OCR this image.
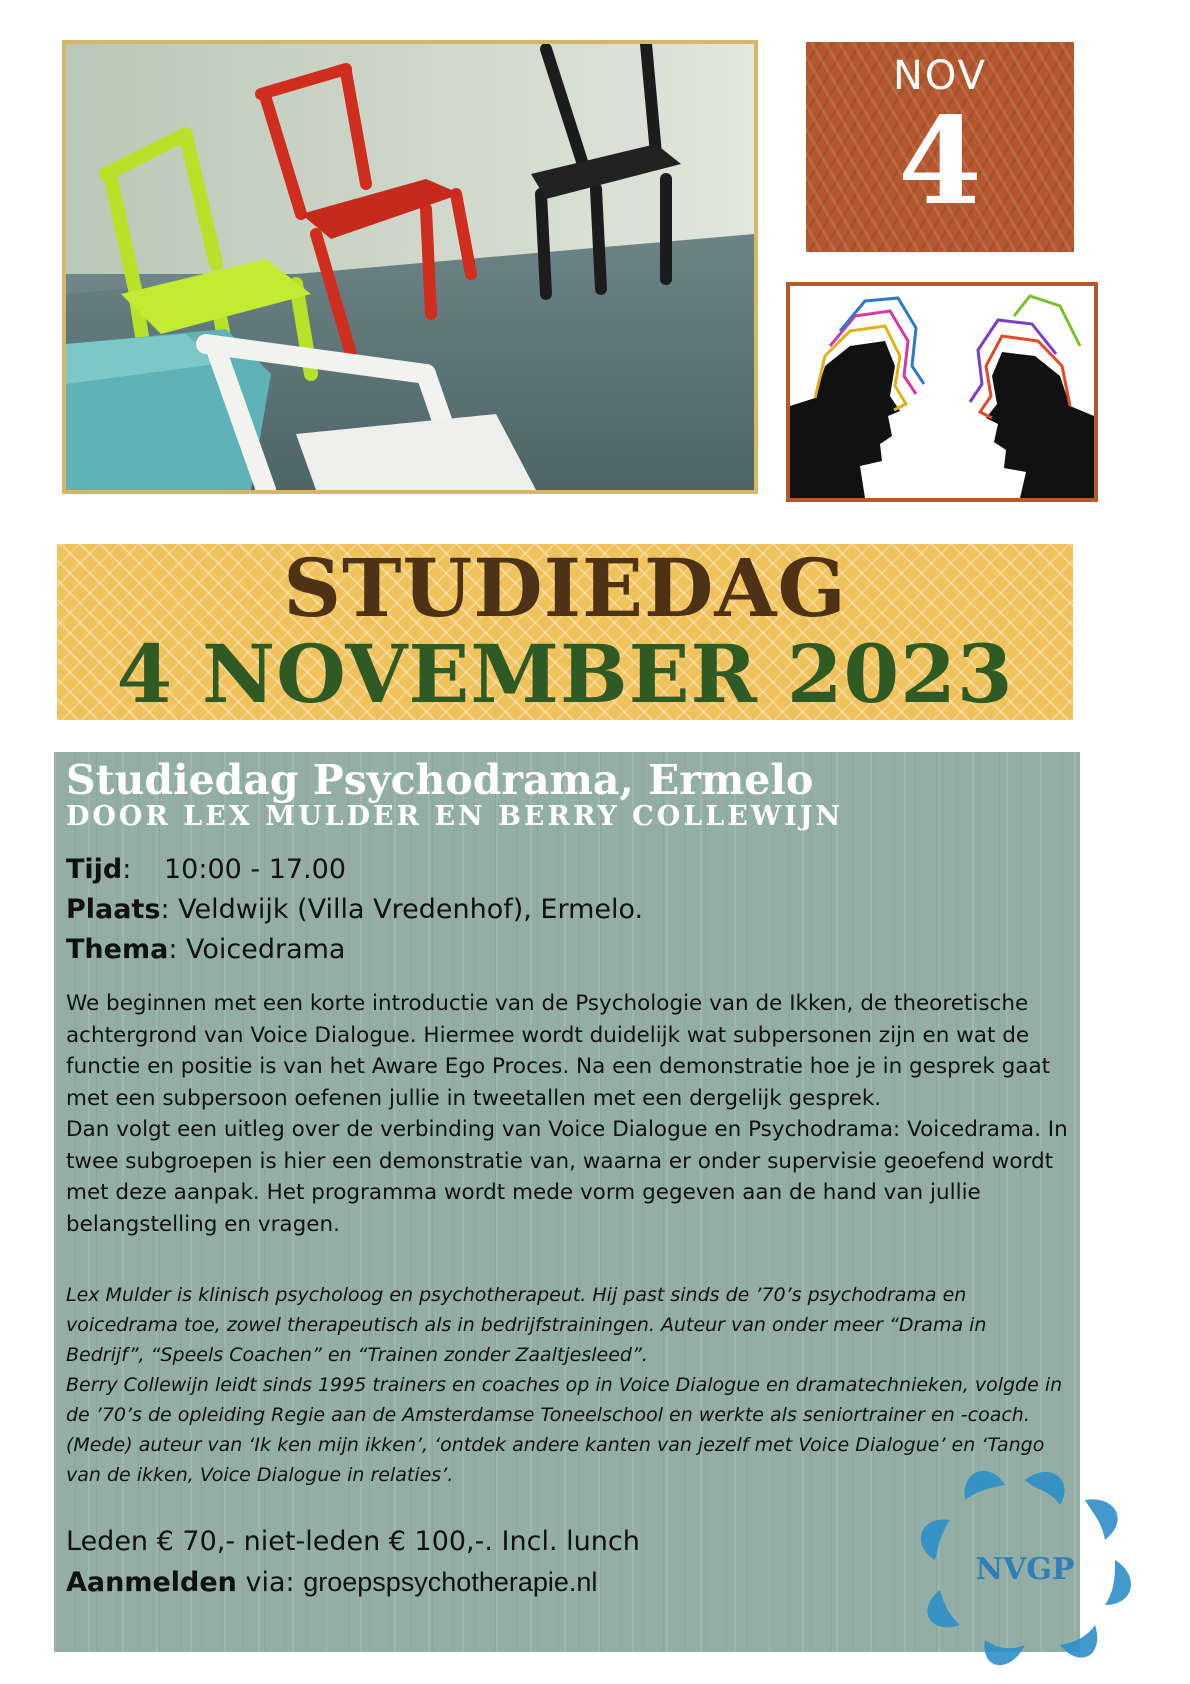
NOV
4
STUDIEDAG
4 NOVEMBER 2023
Studiedag Psychodrama, Ermelo
DOOR LEX MULDER EN BERRY COLLEWIJN
Tijd: 10:00 - 17.00
Plaats: Veldwijk (Villa Vredenhof), Ermelo.
Thema: Voicedrama

We beginnen met een korte introductie van de Psychologie van de Ikken, de theoretische achtergrond van Voice Dialogue. Hiermee wordt duidelijk wat subpersonen zijn en wat de functie en positie is van het Aware Ego Proces. Na een demonstratie hoe je in gesprek gaat met een subpersoon oefenen jullie in tweetallen met een dergelijk gesprek.

Dan volgt een uitleg over de verbinding van Voice Dialogue en Psychodrama: Voicedrama. In twee subgroepen is hier een demonstratie van, waarna er onder supervisie geoefend wordt met deze aanpak. Het programma wordt mede vorm gegeven aan de hand van jullie belangstelling en vragen.

Lex Mulder is klinisch psycholoog en psychotherapeut. Hij past sinds de ’70’s psychodrama en voicedrama toe, zowel therapeutisch als in bedrijfstrainingen. Auteur van onder meer “Drama in Bedrijf”, “Speels Coachen” en “Trainen zonder Zaaltjesleed”.

Berry Collewijn leidt sinds 1995 trainers en coaches op in Voice Dialogue en dramatechnieken, volgde in de ’70’s de opleiding Regie aan de Amsterdamse Toneelschool en werkte als seniortrainer en -coach. (Mede) auteur van ‘Ik ken mijn ikken’, ‘ontdek andere kanten van jezelf met Voice Dialogue’ en ‘Tango van de ikken, Voice Dialogue in relaties’.

Leden € 70,- niet-leden € 100,-. Incl. lunch
Aanmelden via: groepspsychotherapie.nl	NVGP
